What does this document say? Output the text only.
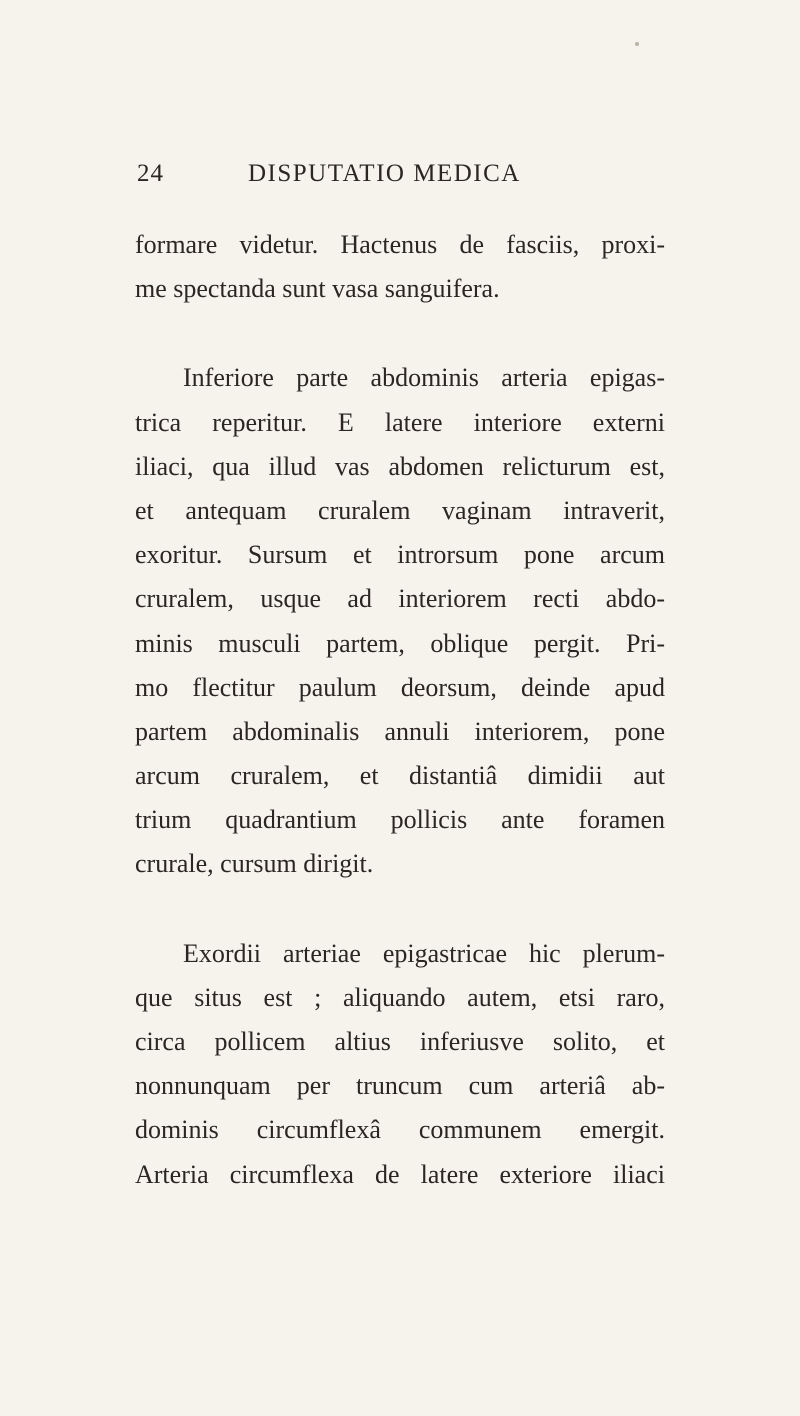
24	DISPUTATIO MEDICA
formare videtur. Hactenus de fasciis, proxi-
me spectanda sunt vasa sanguifera.
Inferiore parte abdominis arteria epigas-
trica reperitur. E latere interiore externi
iliaci, qua illud vas abdomen relicturum est,
et antequam cruralem vaginam intraverit,
exoritur. Sursum et introrsum pone arcum
cruralem, usque ad interiorem recti abdo-
minis musculi partem, oblique pergit. Pri-
mo flectitur paulum deorsum, deinde apud
partem abdominalis annuli interiorem, pone
arcum cruralem, et distantiâ dimidii aut
trium quadrantium pollicis ante foramen
crurale, cursum dirigit.
Exordii arteriae epigastricae hic plerum-
que situs est ; aliquando autem, etsi raro,
circa pollicem altius inferiusve solito, et
nonnunquam per truncum cum arteriâ ab-
dominis circumflexâ communem emergit.
Arteria circumflexa de latere exteriore iliaci
